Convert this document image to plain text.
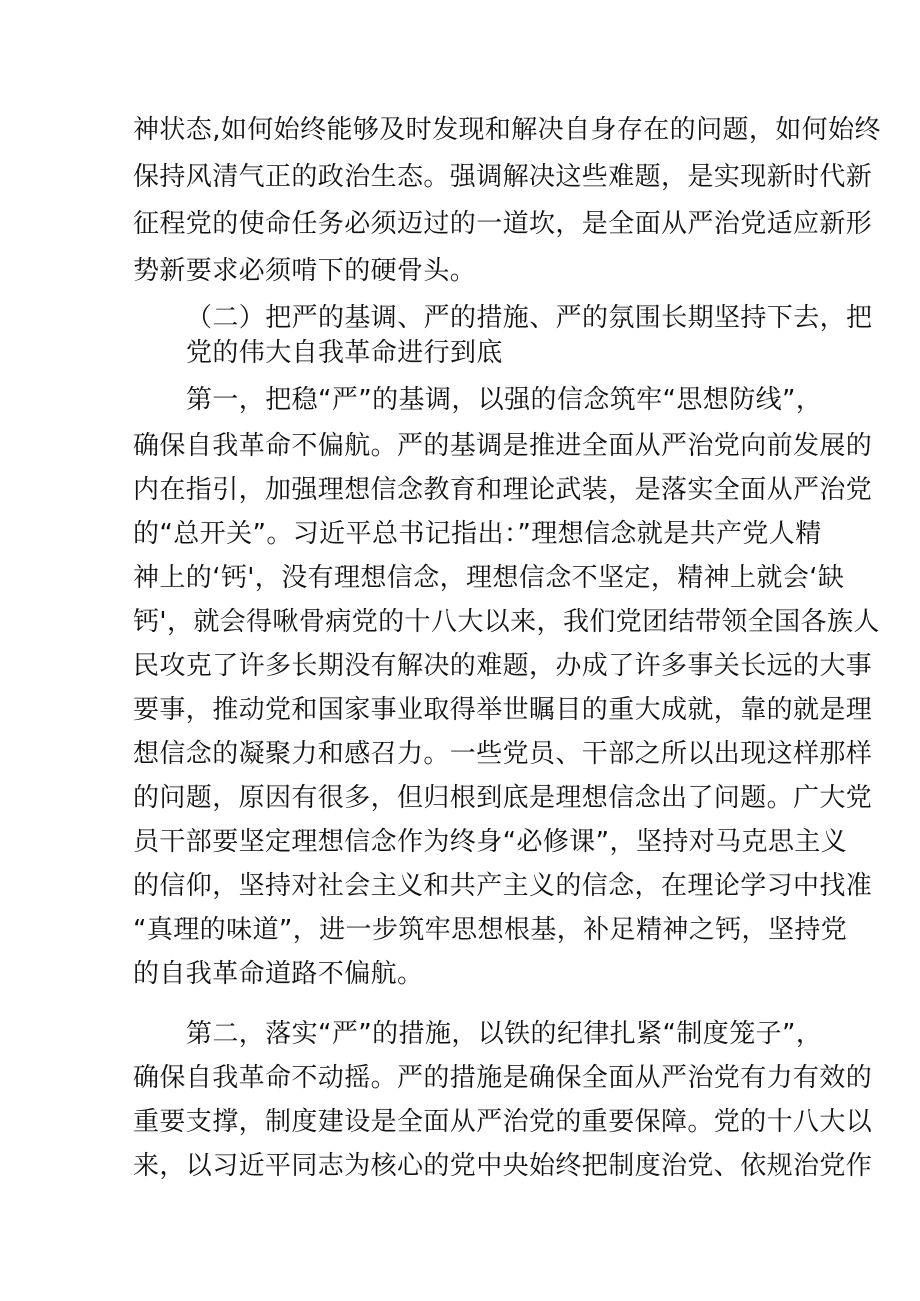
神状态,如何始终能够及时发现和解决自身存在的问题，如何始终
保持风清气正的政治生态。强调解决这些难题，是实现新时代新
征程党的使命任务必须迈过的一道坎，是全面从严治党适应新形
势新要求必须啃下的硬骨头。
（二）把严的基调、严的措施、严的氛围长期坚持下去，把
党的伟大自我革命进行到底
第一，把稳“严”的基调，以强的信念筑牢“思想防线”，
确保自我革命不偏航。严的基调是推进全面从严治党向前发展的
内在指引，加强理想信念教育和理论武装，是落实全面从严治党
的“总开关”。习近平总书记指出：”理想信念就是共产党人精
神上的‘钙'，没有理想信念，理想信念不坚定，精神上就会‘缺
钙'，就会得啾骨病党的十八大以来，我们党团结带领全国各族人
民攻克了许多长期没有解决的难题，办成了许多事关长远的大事
要事，推动党和国家事业取得举世瞩目的重大成就，靠的就是理
想信念的凝聚力和感召力。一些党员、干部之所以出现这样那样
的问题，原因有很多，但归根到底是理想信念出了问题。广大党
员干部要坚定理想信念作为终身“必修课”，坚持对马克思主义
的信仰，坚持对社会主义和共产主义的信念，在理论学习中找准
“真理的味道”，进一步筑牢思想根基，补足精神之钙，坚持党
的自我革命道路不偏航。
第二，落实“严”的措施，以铁的纪律扎紧“制度笼子”，
确保自我革命不动摇。严的措施是确保全面从严治党有力有效的
重要支撑，制度建设是全面从严治党的重要保障。党的十八大以
来，以习近平同志为核心的党中央始终把制度治党、依规治党作
